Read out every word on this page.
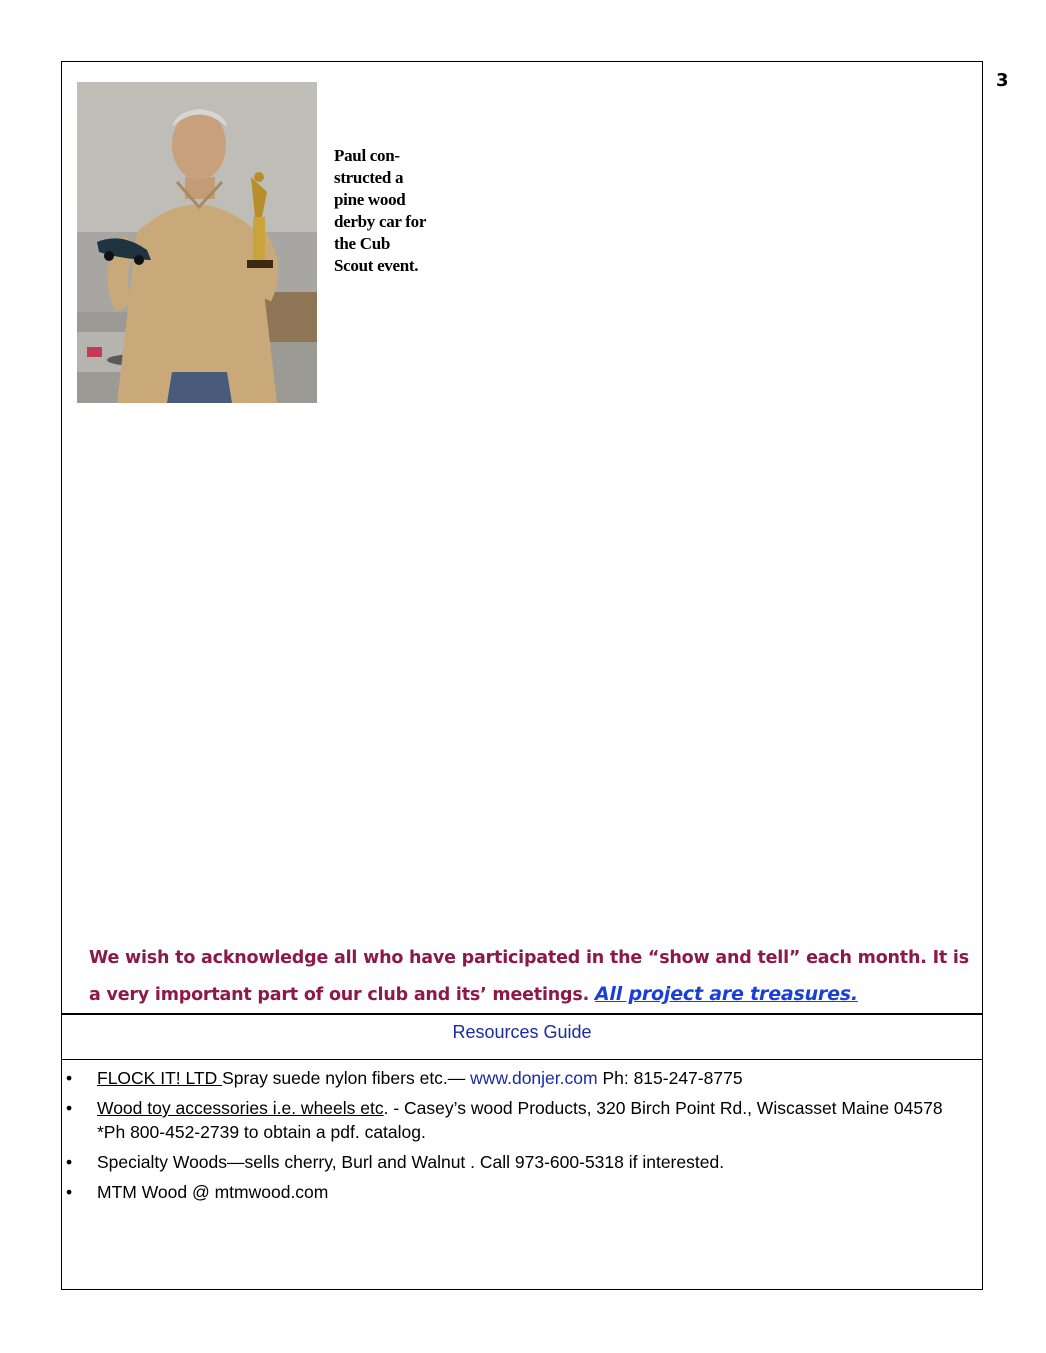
3
Paul con-
structed a
pine wood
derby car for
the Cub
Scout event.
We wish to acknowledge all who have participated in the “show and tell” each month. It is a very important part of our club and its’ meetings. All project are treasures.
Resources Guide
• FLOCK IT! LTD Spray suede nylon fibers etc.— www.donjer.com Ph: 815-247-8775
• Wood toy accessories i.e. wheels etc. - Casey’s wood Products, 320 Birch Point Rd., Wiscasset Maine 04578 *Ph 800-452-2739 to obtain a pdf. catalog.
• Specialty Woods—sells cherry, Burl and Walnut . Call 973-600-5318 if interested.
• MTM Wood @ mtmwood.com
